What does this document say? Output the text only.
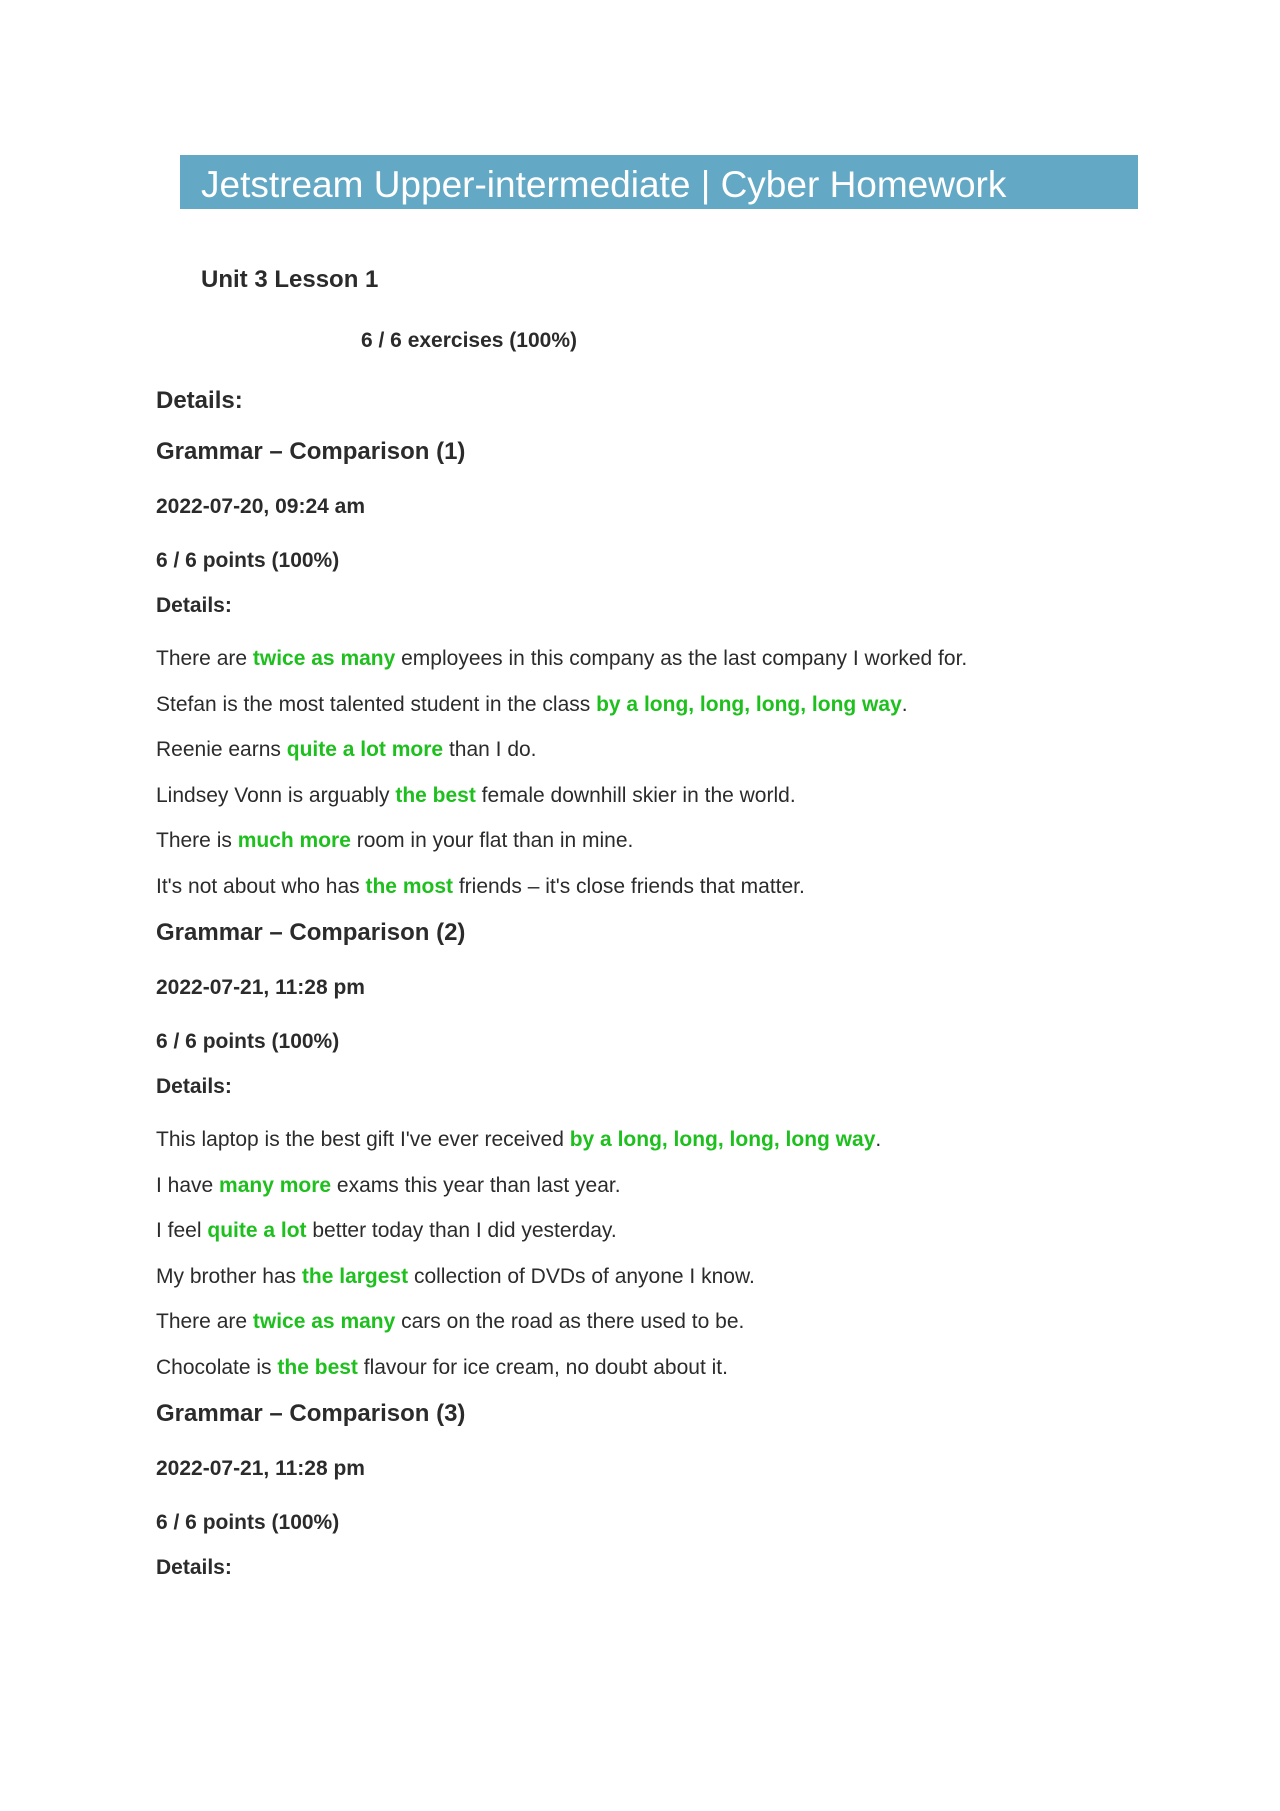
Jetstream Upper-intermediate | Cyber Homework
Unit 3 Lesson 1
6 / 6 exercises (100%)
Details:
Grammar – Comparison (1)
2022-07-20, 09:24 am
6 / 6 points (100%)
Details:
There are twice as many employees in this company as the last company I worked for.
Stefan is the most talented student in the class by a long, long, long, long way.
Reenie earns quite a lot more than I do.
Lindsey Vonn is arguably the best female downhill skier in the world.
There is much more room in your flat than in mine.
It's not about who has the most friends – it's close friends that matter.
Grammar – Comparison (2)
2022-07-21, 11:28 pm
6 / 6 points (100%)
Details:
This laptop is the best gift I've ever received by a long, long, long, long way.
I have many more exams this year than last year.
I feel quite a lot better today than I did yesterday.
My brother has the largest collection of DVDs of anyone I know.
There are twice as many cars on the road as there used to be.
Chocolate is the best flavour for ice cream, no doubt about it.
Grammar – Comparison (3)
2022-07-21, 11:28 pm
6 / 6 points (100%)
Details:
